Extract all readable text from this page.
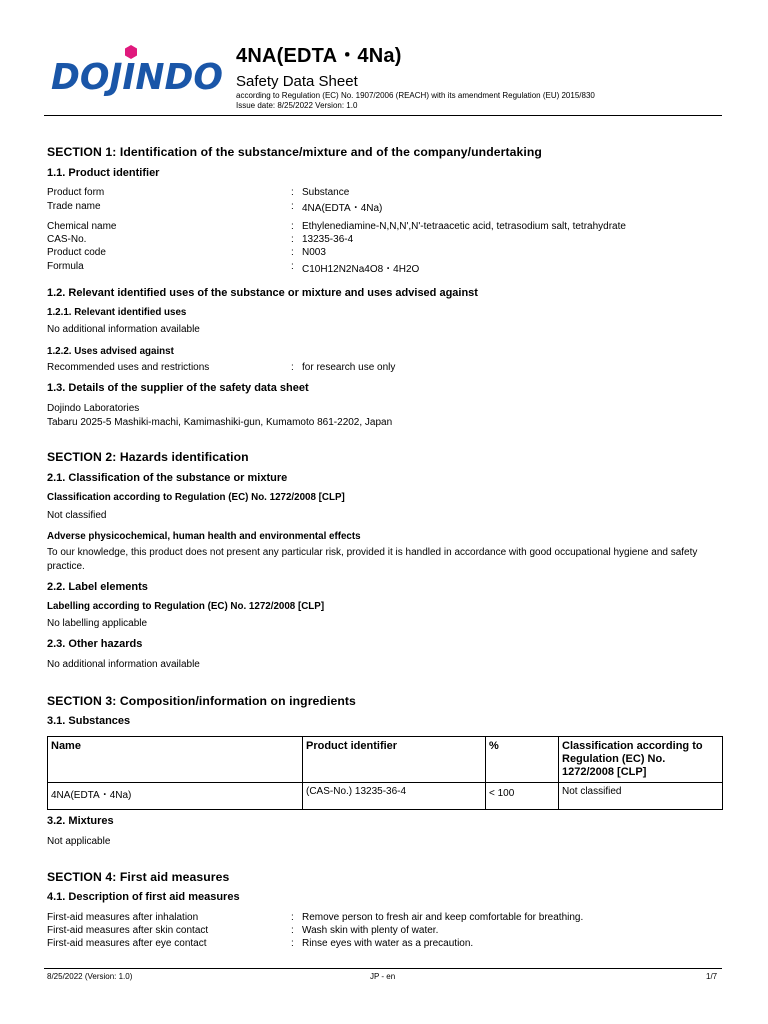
DOJINDO
4NA(EDTA・4Na)
Safety Data Sheet
according to Regulation (EC) No. 1907/2006 (REACH) with its amendment Regulation (EU) 2015/830
Issue date: 8/25/2022 Version: 1.0
SECTION 1: Identification of the substance/mixture and of the company/undertaking
1.1. Product identifier
Product form	: Substance
Trade name	: 4NA(EDTA・4Na)
Chemical name	: Ethylenediamine-N,N,N',N'-tetraacetic acid, tetrasodium salt, tetrahydrate
CAS-No.	: 13235-36-4
Product code	: N003
Formula	: C10H12N2Na4O8・4H2O
1.2. Relevant identified uses of the substance or mixture and uses advised against
1.2.1. Relevant identified uses
No additional information available
1.2.2. Uses advised against
Recommended uses and restrictions	: for research use only
1.3. Details of the supplier of the safety data sheet
Dojindo Laboratories
Tabaru 2025-5 Mashiki-machi, Kamimashiki-gun, Kumamoto 861-2202, Japan
SECTION 2: Hazards identification
2.1. Classification of the substance or mixture
Classification according to Regulation (EC) No. 1272/2008 [CLP]
Not classified
Adverse physicochemical, human health and environmental effects
To our knowledge, this product does not present any particular risk, provided it is handled in accordance with good occupational hygiene and safety practice.
2.2. Label elements
Labelling according to Regulation (EC) No. 1272/2008 [CLP]
No labelling applicable
2.3. Other hazards
No additional information available
SECTION 3: Composition/information on ingredients
3.1. Substances
Name	Product identifier	%	Classification according to Regulation (EC) No. 1272/2008 [CLP]
4NA(EDTA・4Na)	(CAS-No.) 13235-36-4	< 100	Not classified
3.2. Mixtures
Not applicable
SECTION 4: First aid measures
4.1. Description of first aid measures
First-aid measures after inhalation	: Remove person to fresh air and keep comfortable for breathing.
First-aid measures after skin contact	: Wash skin with plenty of water.
First-aid measures after eye contact	: Rinse eyes with water as a precaution.
8/25/2022 (Version: 1.0)	JP - en	1/7
